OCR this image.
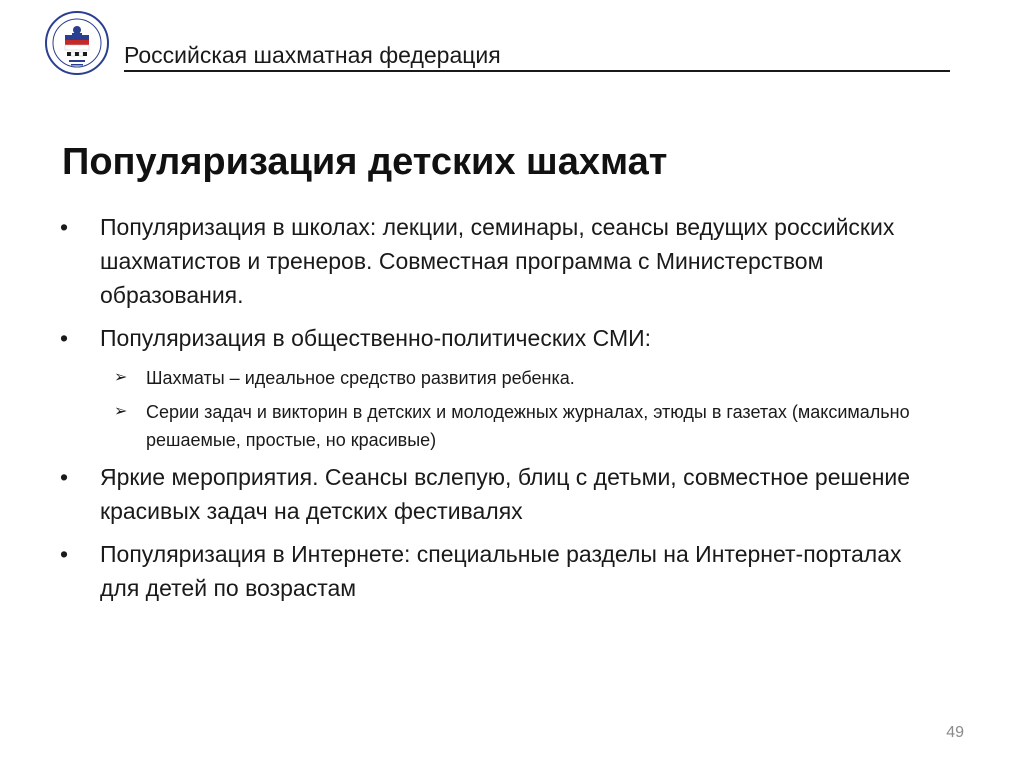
Российская шахматная федерация
Популяризация детских шахмат
•	Популяризация в школах: лекции, семинары, сеансы ведущих российских шахматистов и тренеров. Совместная программа с Министерством образования.
•	Популяризация в общественно-политических СМИ:
➢ Шахматы – идеальное средство развития ребенка.
➢ Серии задач и викторин в детских и молодежных журналах, этюды в газетах (максимально решаемые, простые, но красивые)
•	Яркие мероприятия. Сеансы вслепую, блиц с детьми, совместное решение красивых задач на детских фестивалях
•	Популяризация в Интернете: специальные разделы на Интернет-порталах для детей по возрастам
49
